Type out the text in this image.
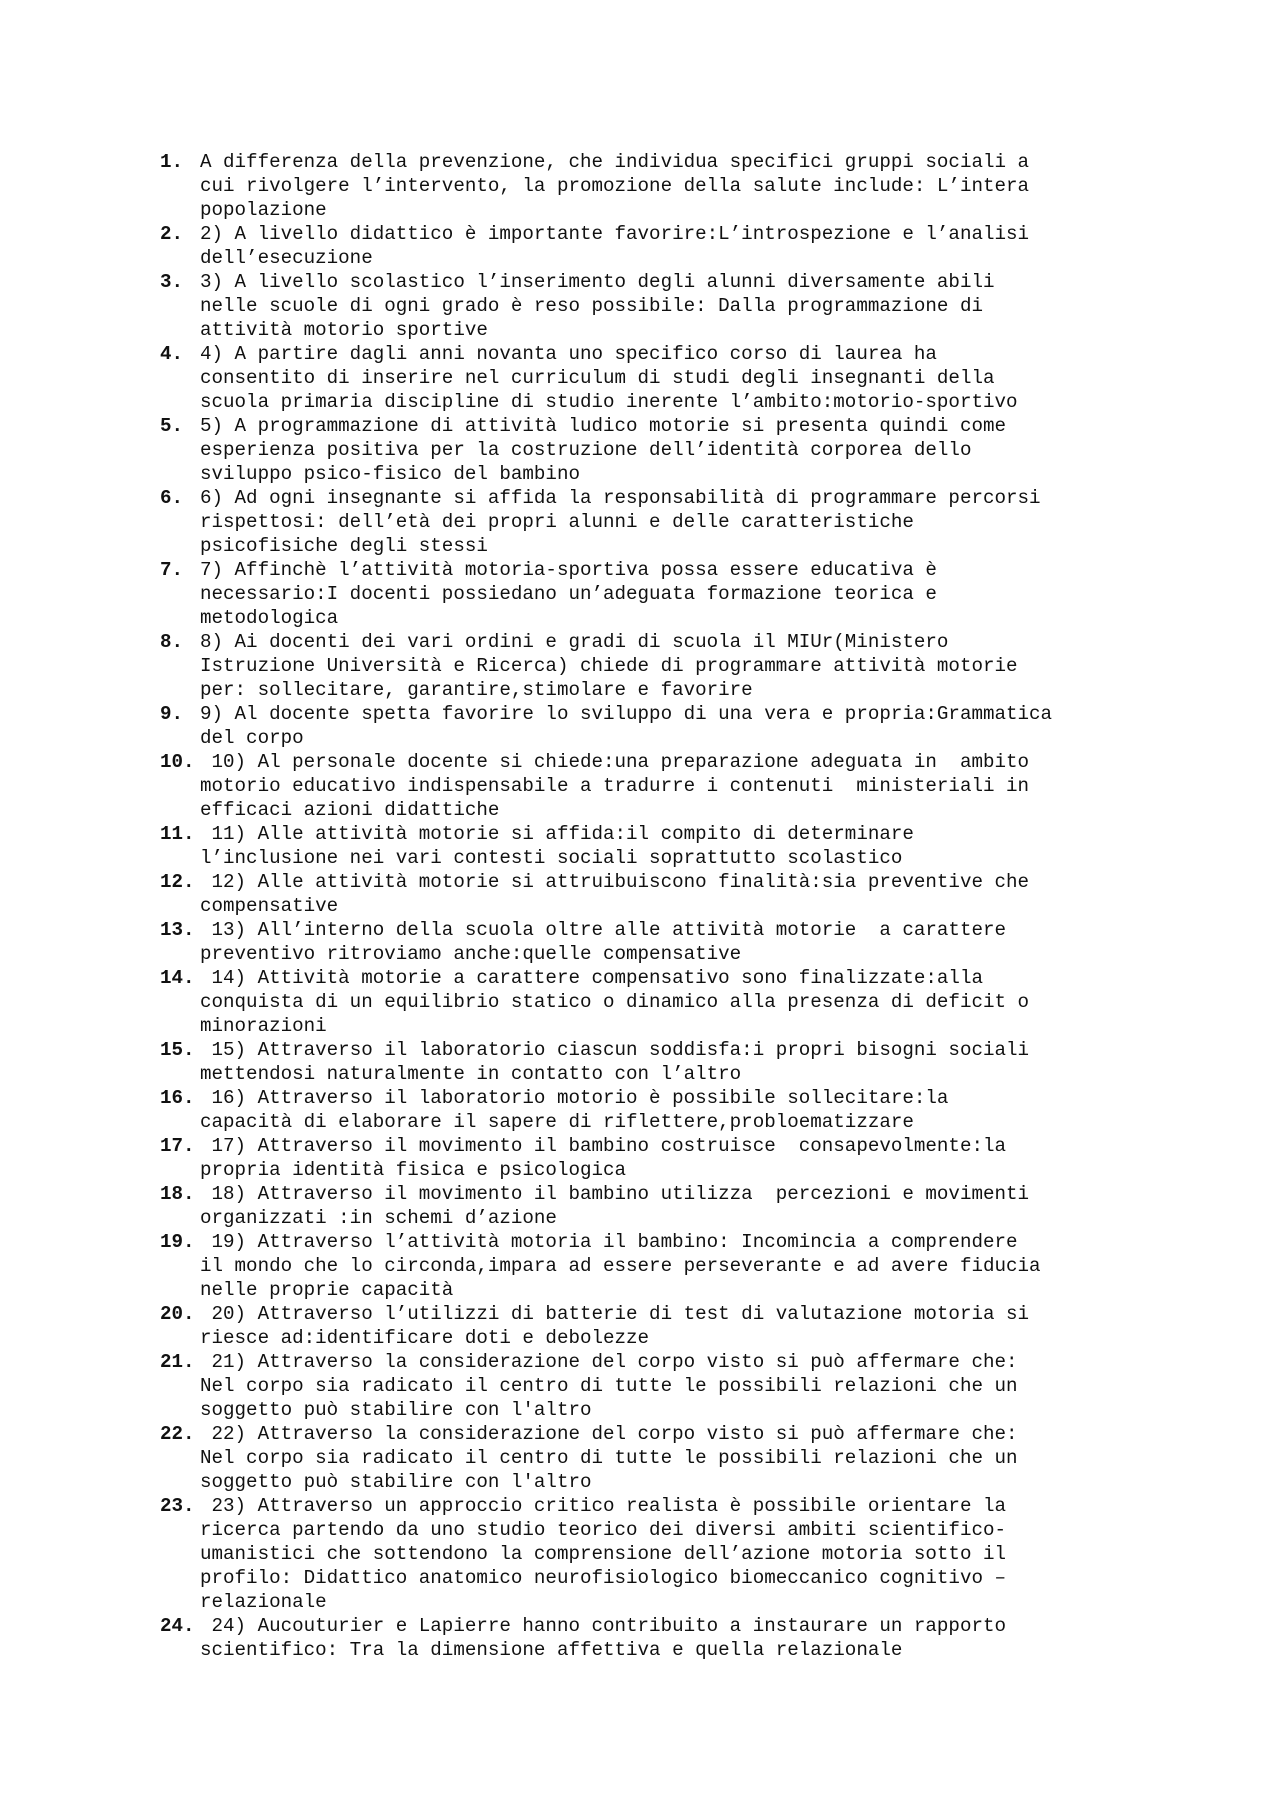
1. A differenza della prevenzione, che individua specifici gruppi sociali a
cui rivolgere l’intervento, la promozione della salute include: L’intera
popolazione
2. 2) A livello didattico è importante favorire:L’introspezione e l’analisi
dell’esecuzione
3. 3) A livello scolastico l’inserimento degli alunni diversamente abili
nelle scuole di ogni grado è reso possibile: Dalla programmazione di
attività motorio sportive
4. 4) A partire dagli anni novanta uno specifico corso di laurea ha
consentito di inserire nel curriculum di studi degli insegnanti della
scuola primaria discipline di studio inerente l’ambito:motorio-sportivo
5. 5) A programmazione di attività ludico motorie si presenta quindi come
esperienza positiva per la costruzione dell’identità corporea dello
sviluppo psico-fisico del bambino
6. 6) Ad ogni insegnante si affida la responsabilità di programmare percorsi
rispettosi: dell’età dei propri alunni e delle caratteristiche
psicofisiche degli stessi
7. 7) Affinchè l’attività motoria-sportiva possa essere educativa è
necessario:I docenti possiedano un’adeguata formazione teorica e
metodologica
8. 8) Ai docenti dei vari ordini e gradi di scuola il MIUr(Ministero
Istruzione Università e Ricerca) chiede di programmare attività motorie
per: sollecitare, garantire,stimolare e favorire
9. 9) Al docente spetta favorire lo sviluppo di una vera e propria:Grammatica
del corpo
10. 10) Al personale docente si chiede:una preparazione adeguata in  ambito
motorio educativo indispensabile a tradurre i contenuti  ministeriali in
efficaci azioni didattiche
11. 11) Alle attività motorie si affida:il compito di determinare
l’inclusione nei vari contesti sociali soprattutto scolastico
12. 12) Alle attività motorie si attruibuiscono finalità:sia preventive che
compensative
13. 13) All’interno della scuola oltre alle attività motorie  a carattere
preventivo ritroviamo anche:quelle compensative
14. 14) Attività motorie a carattere compensativo sono finalizzate:alla
conquista di un equilibrio statico o dinamico alla presenza di deficit o
minorazioni
15. 15) Attraverso il laboratorio ciascun soddisfa:i propri bisogni sociali
mettendosi naturalmente in contatto con l’altro
16. 16) Attraverso il laboratorio motorio è possibile sollecitare:la
capacità di elaborare il sapere di riflettere,probloematizzare
17. 17) Attraverso il movimento il bambino costruisce  consapevolmente:la
propria identità fisica e psicologica
18. 18) Attraverso il movimento il bambino utilizza  percezioni e movimenti
organizzati :in schemi d’azione
19. 19) Attraverso l’attività motoria il bambino: Incomincia a comprendere
il mondo che lo circonda,impara ad essere perseverante e ad avere fiducia
nelle proprie capacità
20. 20) Attraverso l’utilizzi di batterie di test di valutazione motoria si
riesce ad:identificare doti e debolezze
21. 21) Attraverso la considerazione del corpo visto si può affermare che:
Nel corpo sia radicato il centro di tutte le possibili relazioni che un
soggetto può stabilire con l'altro
22. 22) Attraverso la considerazione del corpo visto si può affermare che:
Nel corpo sia radicato il centro di tutte le possibili relazioni che un
soggetto può stabilire con l'altro
23. 23) Attraverso un approccio critico realista è possibile orientare la
ricerca partendo da uno studio teorico dei diversi ambiti scientifico-
umanistici che sottendono la comprensione dell’azione motoria sotto il
profilo: Didattico anatomico neurofisiologico biomeccanico cognitivo –
relazionale
24. 24) Aucouturier e Lapierre hanno contribuito a instaurare un rapporto
scientifico: Tra la dimensione affettiva e quella relazionale
